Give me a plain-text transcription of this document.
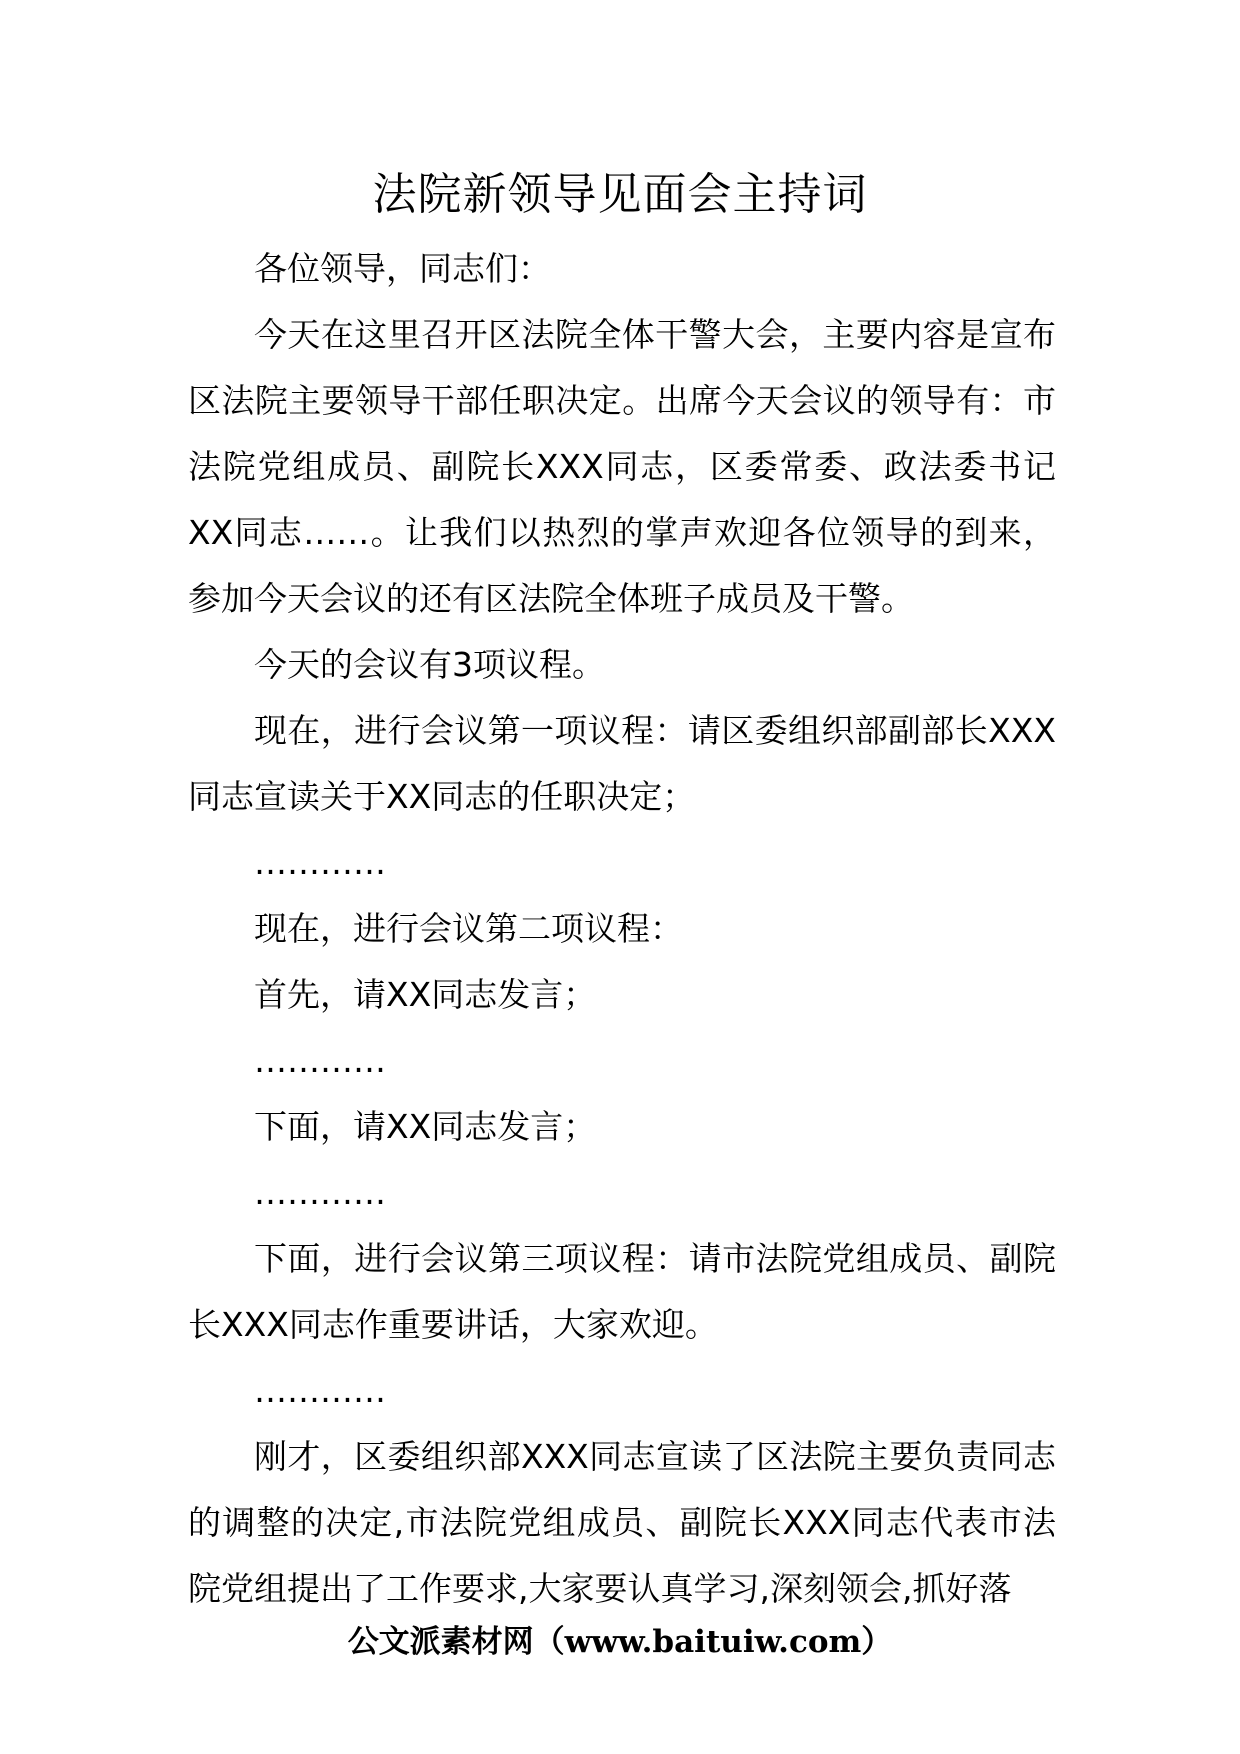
法院新领导见面会主持词

各位领导，同志们：

今天在这里召开区法院全体干警大会，主要内容是宣布区法院主要领导干部任职决定。出席今天会议的领导有：市法院党组成员、副院长XXX同志，区委常委、政法委书记XX同志……。让我们以热烈的掌声欢迎各位领导的到来，参加今天会议的还有区法院全体班子成员及干警。

今天的会议有3项议程。

现在，进行会议第一项议程：请区委组织部副部长XXX同志宣读关于XX同志的任职决定；

…………

现在，进行会议第二项议程：

首先，请XX同志发言；

…………

下面，请XX同志发言；

…………

下面，进行会议第三项议程：请市法院党组成员、副院长XXX同志作重要讲话，大家欢迎。

…………

刚才，区委组织部XXX同志宣读了区法院主要负责同志的调整的决定,市法院党组成员、副院长XXX同志代表市法院党组提出了工作要求,大家要认真学习,深刻领会,抓好落

公文派素材网（www.baituiw.com）
